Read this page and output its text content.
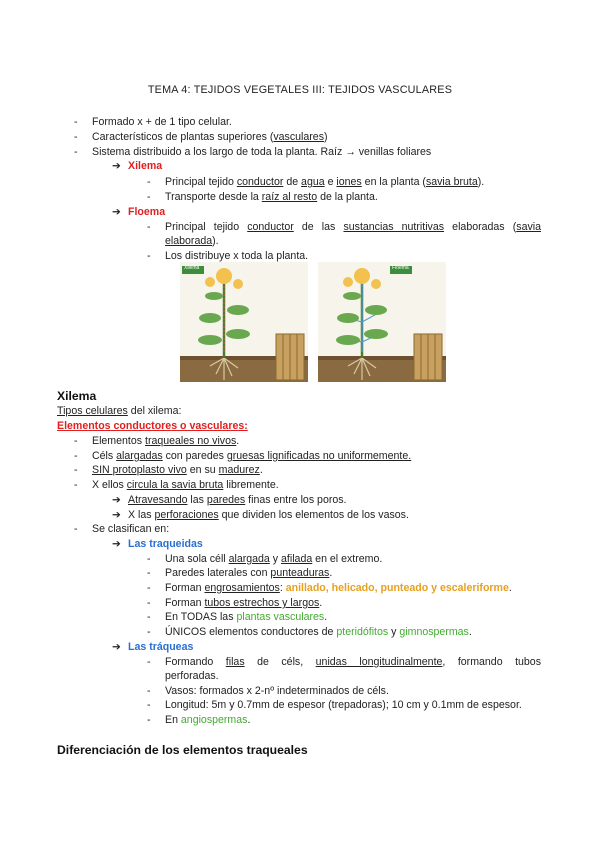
TEMA 4: TEJIDOS VEGETALES III: TEJIDOS VASCULARES
- Formado x + de 1 tipo celular.
- Característicos de plantas superiores (vasculares)
- Sistema distribuido a los largo de toda la planta. Raíz → venillas foliares
➔ Xilema
- Principal tejido conductor de agua e iones en la planta (savia bruta).
- Transporte desde la raíz al resto de la planta.
➔ Floema
- Principal tejido conductor de las sustancias nutritivas elaboradas (savia
elaborada).
- Los distribuye x toda la planta.
Xilema	Floema
Xilema
Tipos celulares del xilema:
Elementos conductores o vasculares:
- Elementos traqueales no vivos.
- Céls alargadas con paredes gruesas lignificadas no uniformemente.
- SIN protoplasto vivo en su madurez.
- X ellos circula la savia bruta libremente.
➔ Atravesando las paredes finas entre los poros.
➔ X las perforaciones que dividen los elementos de los vasos.
- Se clasifican en:
➔ Las traqueidas
- Una sola céll alargada y afilada en el extremo.
- Paredes laterales con punteaduras.
- Forman engrosamientos: anillado, helicado, punteado y escaleriforme.
- Forman tubos estrechos y largos.
- En TODAS las plantas vasculares.
- ÚNICOS elementos conductores de pteridófitos y gimnospermas.
➔ Las tráqueas
- Formando filas de céls, unidas longitudinalmente, formando tubos
perforadas.
- Vasos: formados x 2-nº indeterminados de céls.
- Longitud: 5m y 0.7mm de espesor (trepadoras); 10 cm y 0.1mm de espesor.
- En angiospermas.
Diferenciación de los elementos traqueales
